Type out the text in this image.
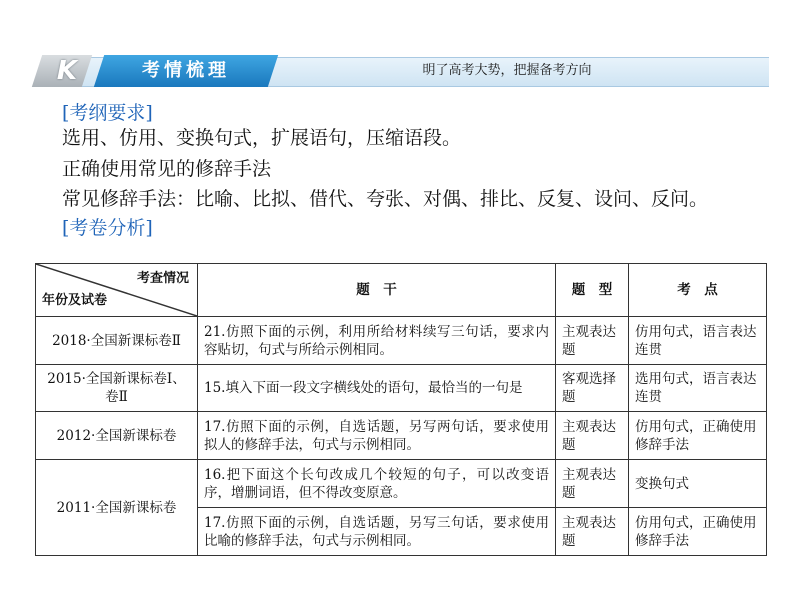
K	考情梳理	明了高考大势，把握备考方向
[考纲要求]
选用、仿用、变换句式，扩展语句，压缩语段。
正确使用常见的修辞手法
常见修辞手法：比喻、比拟、借代、夸张、对偶、排比、反复、设问、反问。
[考卷分析]
考查情况
年份及试卷	题　干	题　型	考　点
2018·全国新课标卷Ⅱ	21.仿照下面的示例，利用所给材料续写三句话，要求内容贴切，句式与所给示例相同。	主观表达题	仿用句式，语言表达连贯
2015·全国新课标卷Ⅰ、卷Ⅱ	15.填入下面一段文字横线处的语句，最恰当的一句是	客观选择题	选用句式，语言表达连贯
2012·全国新课标卷	17.仿照下面的示例，自选话题，另写两句话，要求使用拟人的修辞手法，句式与示例相同。	主观表达题	仿用句式，正确使用修辞手法
2011·全国新课标卷	16.把下面这个长句改成几个较短的句子，可以改变语序，增删词语，但不得改变原意。	主观表达题	变换句式
	17.仿照下面的示例，自选话题，另写三句话，要求使用比喻的修辞手法，句式与示例相同。	主观表达题	仿用句式，正确使用修辞手法
